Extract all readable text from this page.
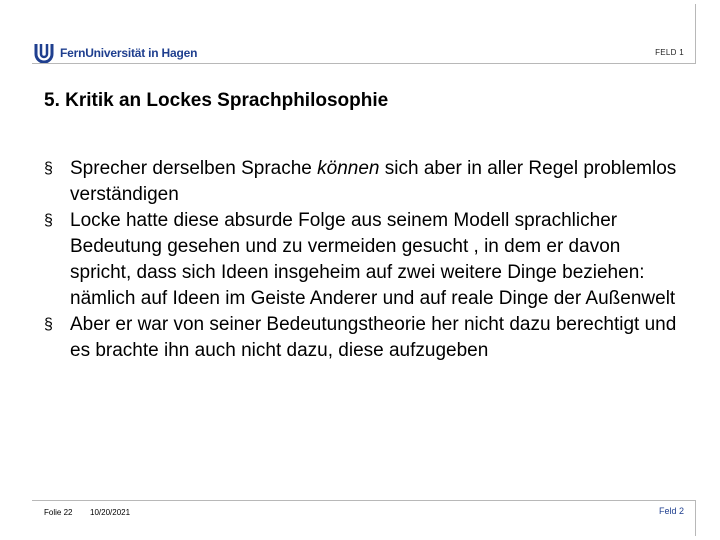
FernUniversität in Hagen	FELD 1
5. Kritik an Lockes Sprachphilosophie
§ Sprecher derselben Sprache können sich aber in aller Regel problemlos verständigen
§ Locke hatte diese absurde Folge aus seinem Modell sprachlicher Bedeutung gesehen und zu vermeiden gesucht , in dem er davon spricht, dass sich Ideen insgeheim auf zwei weitere Dinge beziehen: nämlich auf Ideen im Geiste Anderer und auf reale Dinge der Außenwelt
§ Aber er war von seiner Bedeutungstheorie her nicht dazu berechtigt und es brachte ihn auch nicht dazu, diese aufzugeben
Folie 22 10/20/2021	Feld 2
